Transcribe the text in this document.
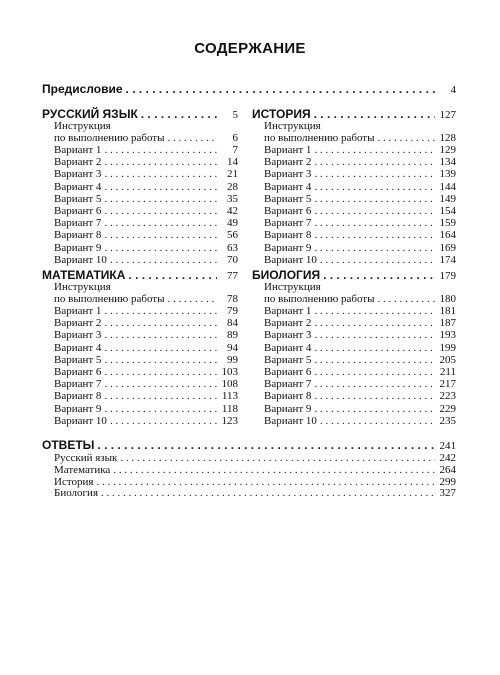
СОДЕРЖАНИЕ
Предисловие . . .	4
РУССКИЙ ЯЗЫК . . .	5
Инструкция
по выполнению работы . . .	6
Вариант 1 . . .	7
Вариант 2 . . .	14
Вариант 3 . . .	21
Вариант 4 . . .	28
Вариант 5 . . .	35
Вариант 6 . . .	42
Вариант 7 . . .	49
Вариант 8 . . .	56
Вариант 9 . . .	63
Вариант 10 . . .	70
ИСТОРИЯ . . .	127
Инструкция
по выполнению работы . . .	128
Вариант 1 . . .	129
Вариант 2 . . .	134
Вариант 3 . . .	139
Вариант 4 . . .	144
Вариант 5 . . .	149
Вариант 6 . . .	154
Вариант 7 . . .	159
Вариант 8 . . .	164
Вариант 9 . . .	169
Вариант 10 . . .	174
МАТЕМАТИКА . . .	77
Инструкция
по выполнению работы . . .	78
Вариант 1 . . .	79
Вариант 2 . . .	84
Вариант 3 . . .	89
Вариант 4 . . .	94
Вариант 5 . . .	99
Вариант 6 . . .	103
Вариант 7 . . .	108
Вариант 8 . . .	113
Вариант 9 . . .	118
Вариант 10 . . .	123
БИОЛОГИЯ . . .	179
Инструкция
по выполнению работы . . .	180
Вариант 1 . . .	181
Вариант 2 . . .	187
Вариант 3 . . .	193
Вариант 4 . . .	199
Вариант 5 . . .	205
Вариант 6 . . .	211
Вариант 7 . . .	217
Вариант 8 . . .	223
Вариант 9 . . .	229
Вариант 10 . . .	235
ОТВЕТЫ . . .	241
Русский язык . . .	242
Математика . . .	264
История . . .	299
Биология . . .	327
